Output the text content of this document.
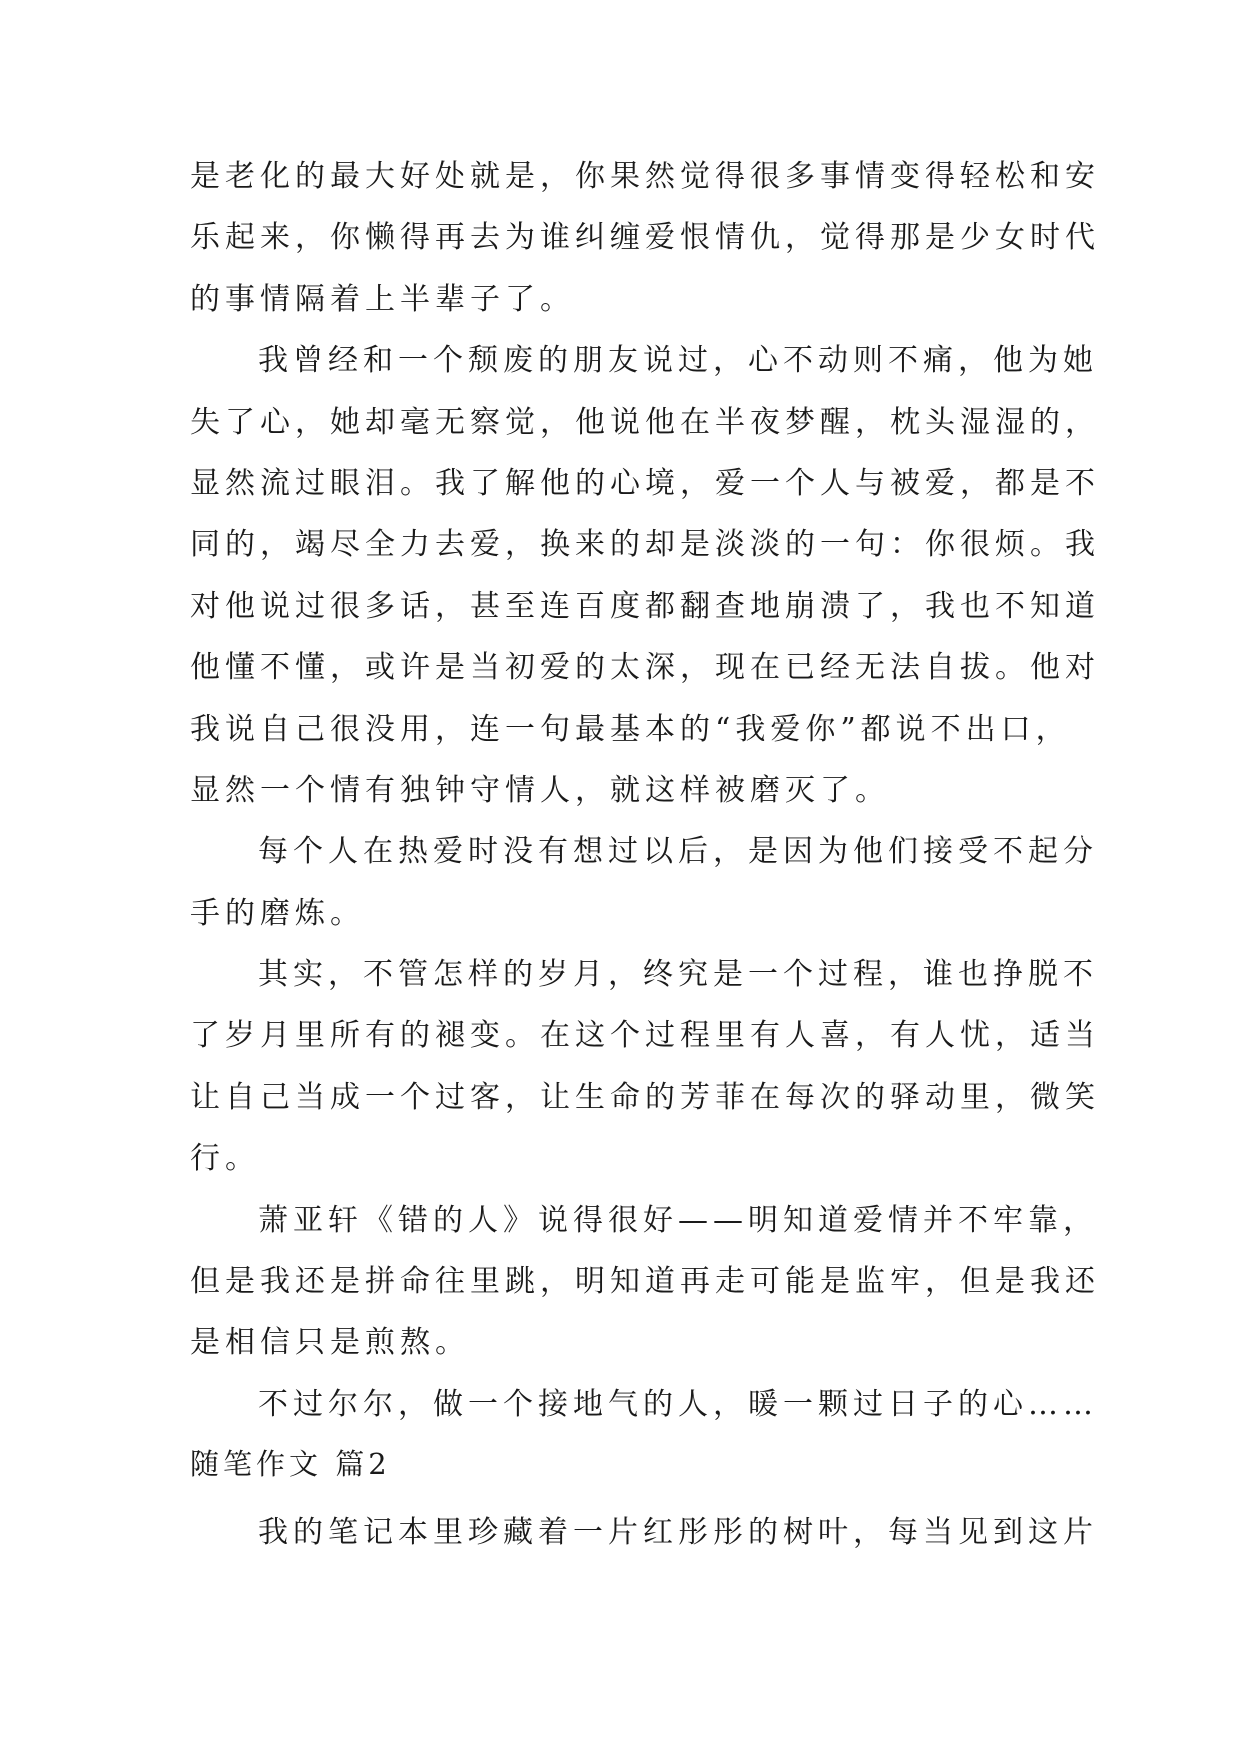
是老化的最大好处就是，你果然觉得很多事情变得轻松和安
乐起来，你懒得再去为谁纠缠爱恨情仇，觉得那是少女时代
的事情隔着上半辈子了。
我曾经和一个颓废的朋友说过，心不动则不痛，他为她
失了心，她却毫无察觉，他说他在半夜梦醒，枕头湿湿的，
显然流过眼泪。我了解他的心境，爱一个人与被爱，都是不
同的，竭尽全力去爱，换来的却是淡淡的一句：你很烦。我
对他说过很多话，甚至连百度都翻查地崩溃了，我也不知道
他懂不懂，或许是当初爱的太深，现在已经无法自拔。他对
我说自己很没用，连一句最基本的“我爱你”都说不出口，
显然一个情有独钟守情人，就这样被磨灭了。
每个人在热爱时没有想过以后，是因为他们接受不起分
手的磨炼。
其实，不管怎样的岁月，终究是一个过程，谁也挣脱不
了岁月里所有的褪变。在这个过程里有人喜，有人忧，适当
让自己当成一个过客，让生命的芳菲在每次的驿动里，微笑
行。
萧亚轩《错的人》说得很好——明知道爱情并不牢靠，
但是我还是拼命往里跳，明知道再走可能是监牢，但是我还
是相信只是煎熬。
不过尔尔，做一个接地气的人，暖一颗过日子的心……
随笔作文 篇2
我的笔记本里珍藏着一片红彤彤的树叶，每当见到这片
